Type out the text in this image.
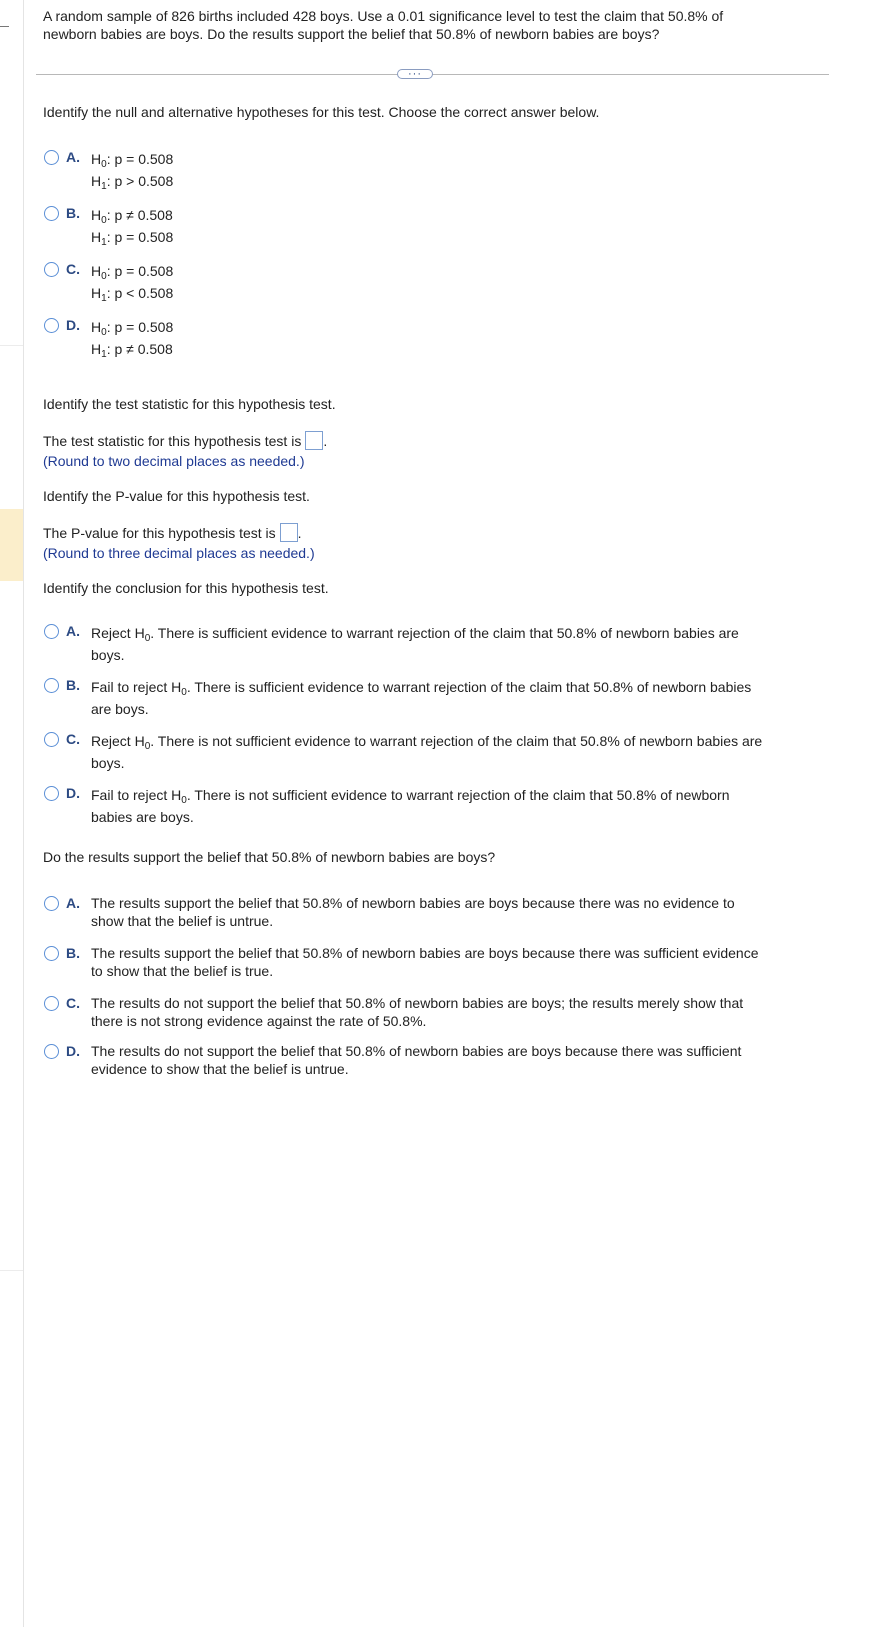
A random sample of 826 births included 428 boys. Use a 0.01 significance level to test the claim that 50.8% of
newborn babies are boys. Do the results support the belief that 50.8% of newborn babies are boys?
···
Identify the null and alternative hypotheses for this test. Choose the correct answer below.
A. $H_0$: p = 0.508
$H_1$: p > 0.508
B. $H_0$: p ≠ 0.508
$H_1$: p = 0.508
C. $H_0$: p = 0.508
$H_1$: p < 0.508
D. $H_0$: p = 0.508
$H_1$: p ≠ 0.508
Identify the test statistic for this hypothesis test.
The test statistic for this hypothesis test is .
(Round to two decimal places as needed.)
Identify the P-value for this hypothesis test.
The P-value for this hypothesis test is .
(Round to three decimal places as needed.)
Identify the conclusion for this hypothesis test.
A. Reject $H_0$. There is sufficient evidence to warrant rejection of the claim that 50.8% of newborn babies are
boys.
B. Fail to reject $H_0$. There is sufficient evidence to warrant rejection of the claim that 50.8% of newborn babies
are boys.
C. Reject $H_0$. There is not sufficient evidence to warrant rejection of the claim that 50.8% of newborn babies are
boys.
D. Fail to reject $H_0$. There is not sufficient evidence to warrant rejection of the claim that 50.8% of newborn
babies are boys.
Do the results support the belief that 50.8% of newborn babies are boys?
A. The results support the belief that 50.8% of newborn babies are boys because there was no evidence to
show that the belief is untrue.
B. The results support the belief that 50.8% of newborn babies are boys because there was sufficient evidence
to show that the belief is true.
C. The results do not support the belief that 50.8% of newborn babies are boys; the results merely show that
there is not strong evidence against the rate of 50.8%.
D. The results do not support the belief that 50.8% of newborn babies are boys because there was sufficient
evidence to show that the belief is untrue.
